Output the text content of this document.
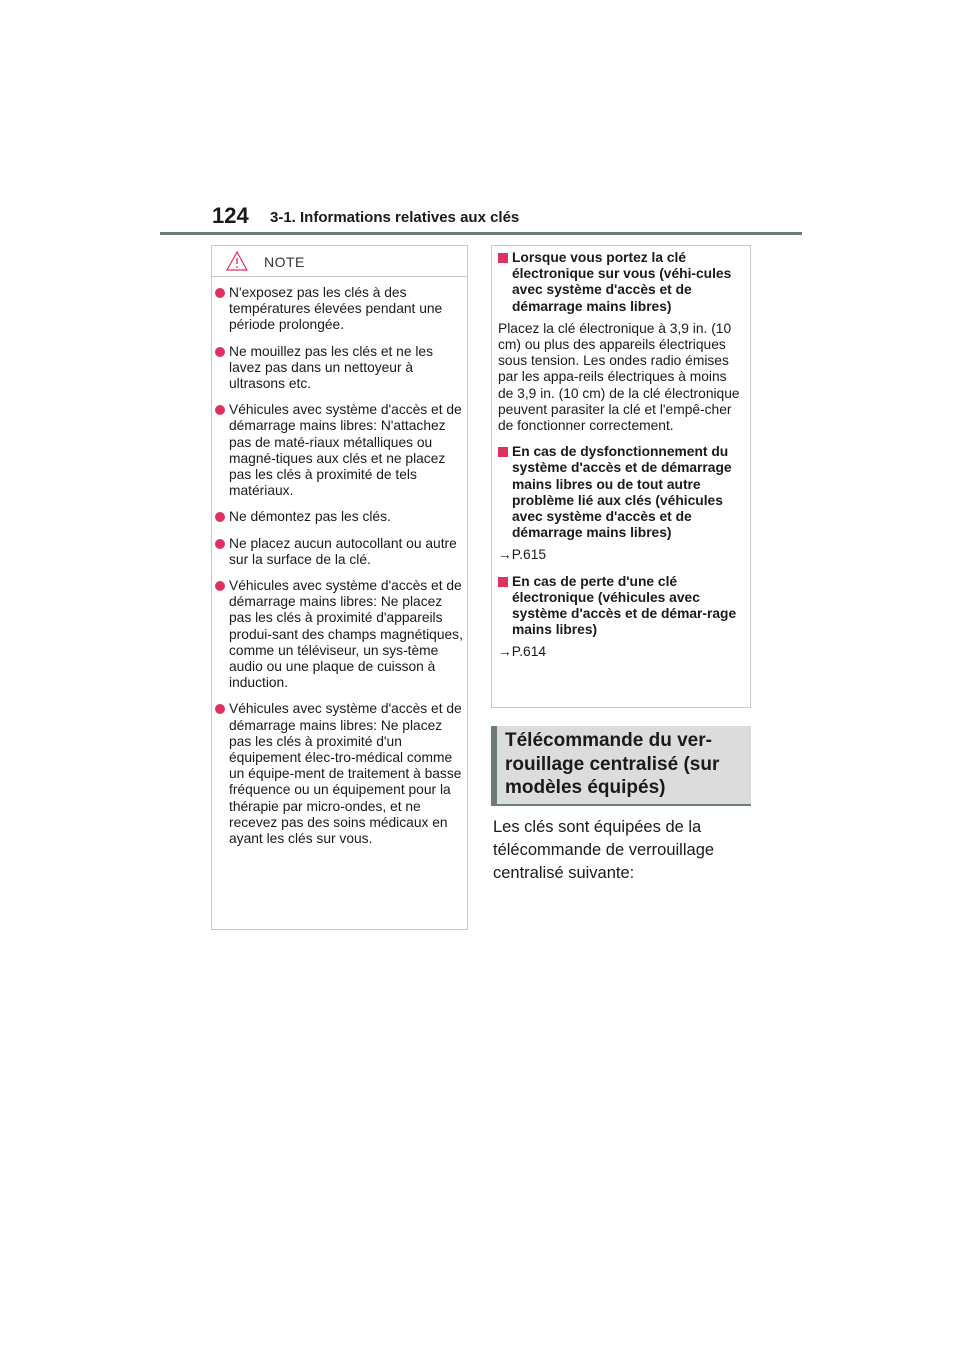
124 3-1. Informations relatives aux clés
NOTE
N'exposez pas les clés à des températures élevées pendant une période prolongée.
Ne mouillez pas les clés et ne les lavez pas dans un nettoyeur à ultrasons etc.
Véhicules avec système d'accès et de démarrage mains libres: N'attachez pas de maté-riaux métalliques ou magné-tiques aux clés et ne placez pas les clés à proximité de tels matériaux.
Ne démontez pas les clés.
Ne placez aucun autocollant ou autre sur la surface de la clé.
Véhicules avec système d'accès et de démarrage mains libres: Ne placez pas les clés à proximité d'appareils produi-sant des champs magnétiques, comme un téléviseur, un sys-tème audio ou une plaque de cuisson à induction.
Véhicules avec système d'accès et de démarrage mains libres: Ne placez pas les clés à proximité d'un équipement élec-tro-médical comme un équipe-ment de traitement à basse fréquence ou un équipement pour la thérapie par micro-ondes, et ne recevez pas des soins médicaux en ayant les clés sur vous.
Lorsque vous portez la clé électronique sur vous (véhi-cules avec système d'accès et de démarrage mains libres)

Placez la clé électronique à 3,9 in. (10 cm) ou plus des appareils électriques sous tension. Les ondes radio émises par les appa-reils électriques à moins de 3,9 in. (10 cm) de la clé électronique peuvent parasiter la clé et l'empê-cher de fonctionner correctement.

En cas de dysfonctionnement du système d'accès et de démarrage mains libres ou de tout autre problème lié aux clés (véhicules avec système d'accès et de démarrage mains libres)

→P.615

En cas de perte d'une clé électronique (véhicules avec système d'accès et de démar-rage mains libres)

→P.614

Télécommande du ver-rouillage centralisé (sur modèles équipés)
Les clés sont équipées de la télécommande de verrouillage centralisé suivante:
